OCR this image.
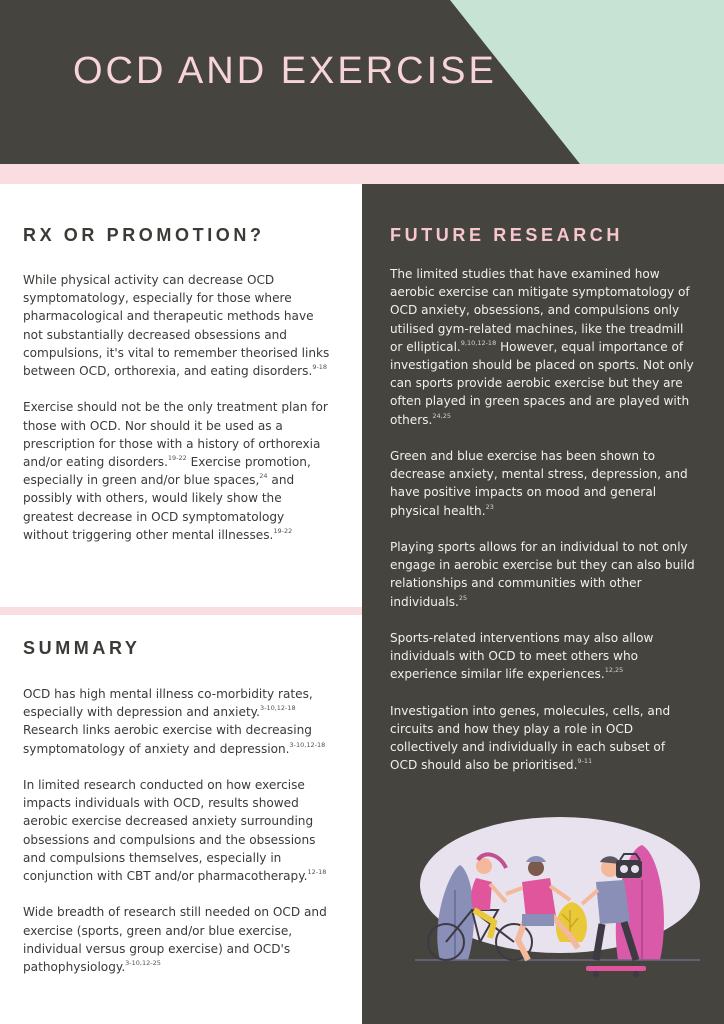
OCD AND EXERCISE
RX OR PROMOTION?

While physical activity can decrease OCD symptomatology, especially for those where pharmacological and therapeutic methods have not substantially decreased obsessions and compulsions, it's vital to remember theorised links between OCD, orthorexia, and eating disorders.$^{9-18}$

Exercise should not be the only treatment plan for those with OCD. Nor should it be used as a prescription for those with a history of orthorexia and/or eating disorders.$^{19-22}$ Exercise promotion, especially in green and/or blue spaces,$^{24}$ and possibly with others, would likely show the greatest decrease in OCD symptomatology without triggering other mental illnesses.$^{19-22}$

SUMMARY

OCD has high mental illness co-morbidity rates, especially with depression and anxiety.$^{3-10,12-18}$ Research links aerobic exercise with decreasing symptomatology of anxiety and depression.$^{3-10,12-18}$

In limited research conducted on how exercise impacts individuals with OCD, results showed aerobic exercise decreased anxiety surrounding obsessions and compulsions and the obsessions and compulsions themselves, especially in conjunction with CBT and/or pharmacotherapy.$^{12-18}$

Wide breadth of research still needed on OCD and exercise (sports, green and/or blue exercise, individual versus group exercise) and OCD's pathophysiology.$^{3-10,12-25}$

FUTURE RESEARCH

The limited studies that have examined how aerobic exercise can mitigate symptomatology of OCD anxiety, obsessions, and compulsions only utilised gym-related machines, like the treadmill or elliptical.$^{9,10,12-18}$ However, equal importance of investigation should be placed on sports. Not only can sports provide aerobic exercise but they are often played in green spaces and are played with others.$^{24,25}$

Green and blue exercise has been shown to decrease anxiety, mental stress, depression, and have positive impacts on mood and general physical health.$^{23}$

Playing sports allows for an individual to not only engage in aerobic exercise but they can also build relationships and communities with other individuals.$^{25}$

Sports-related interventions may also allow individuals with OCD to meet others who experience similar life experiences.$^{12,25}$

Investigation into genes, molecules, cells, and circuits and how they play a role in OCD collectively and individually in each subset of OCD should also be prioritised.$^{9-11}$
